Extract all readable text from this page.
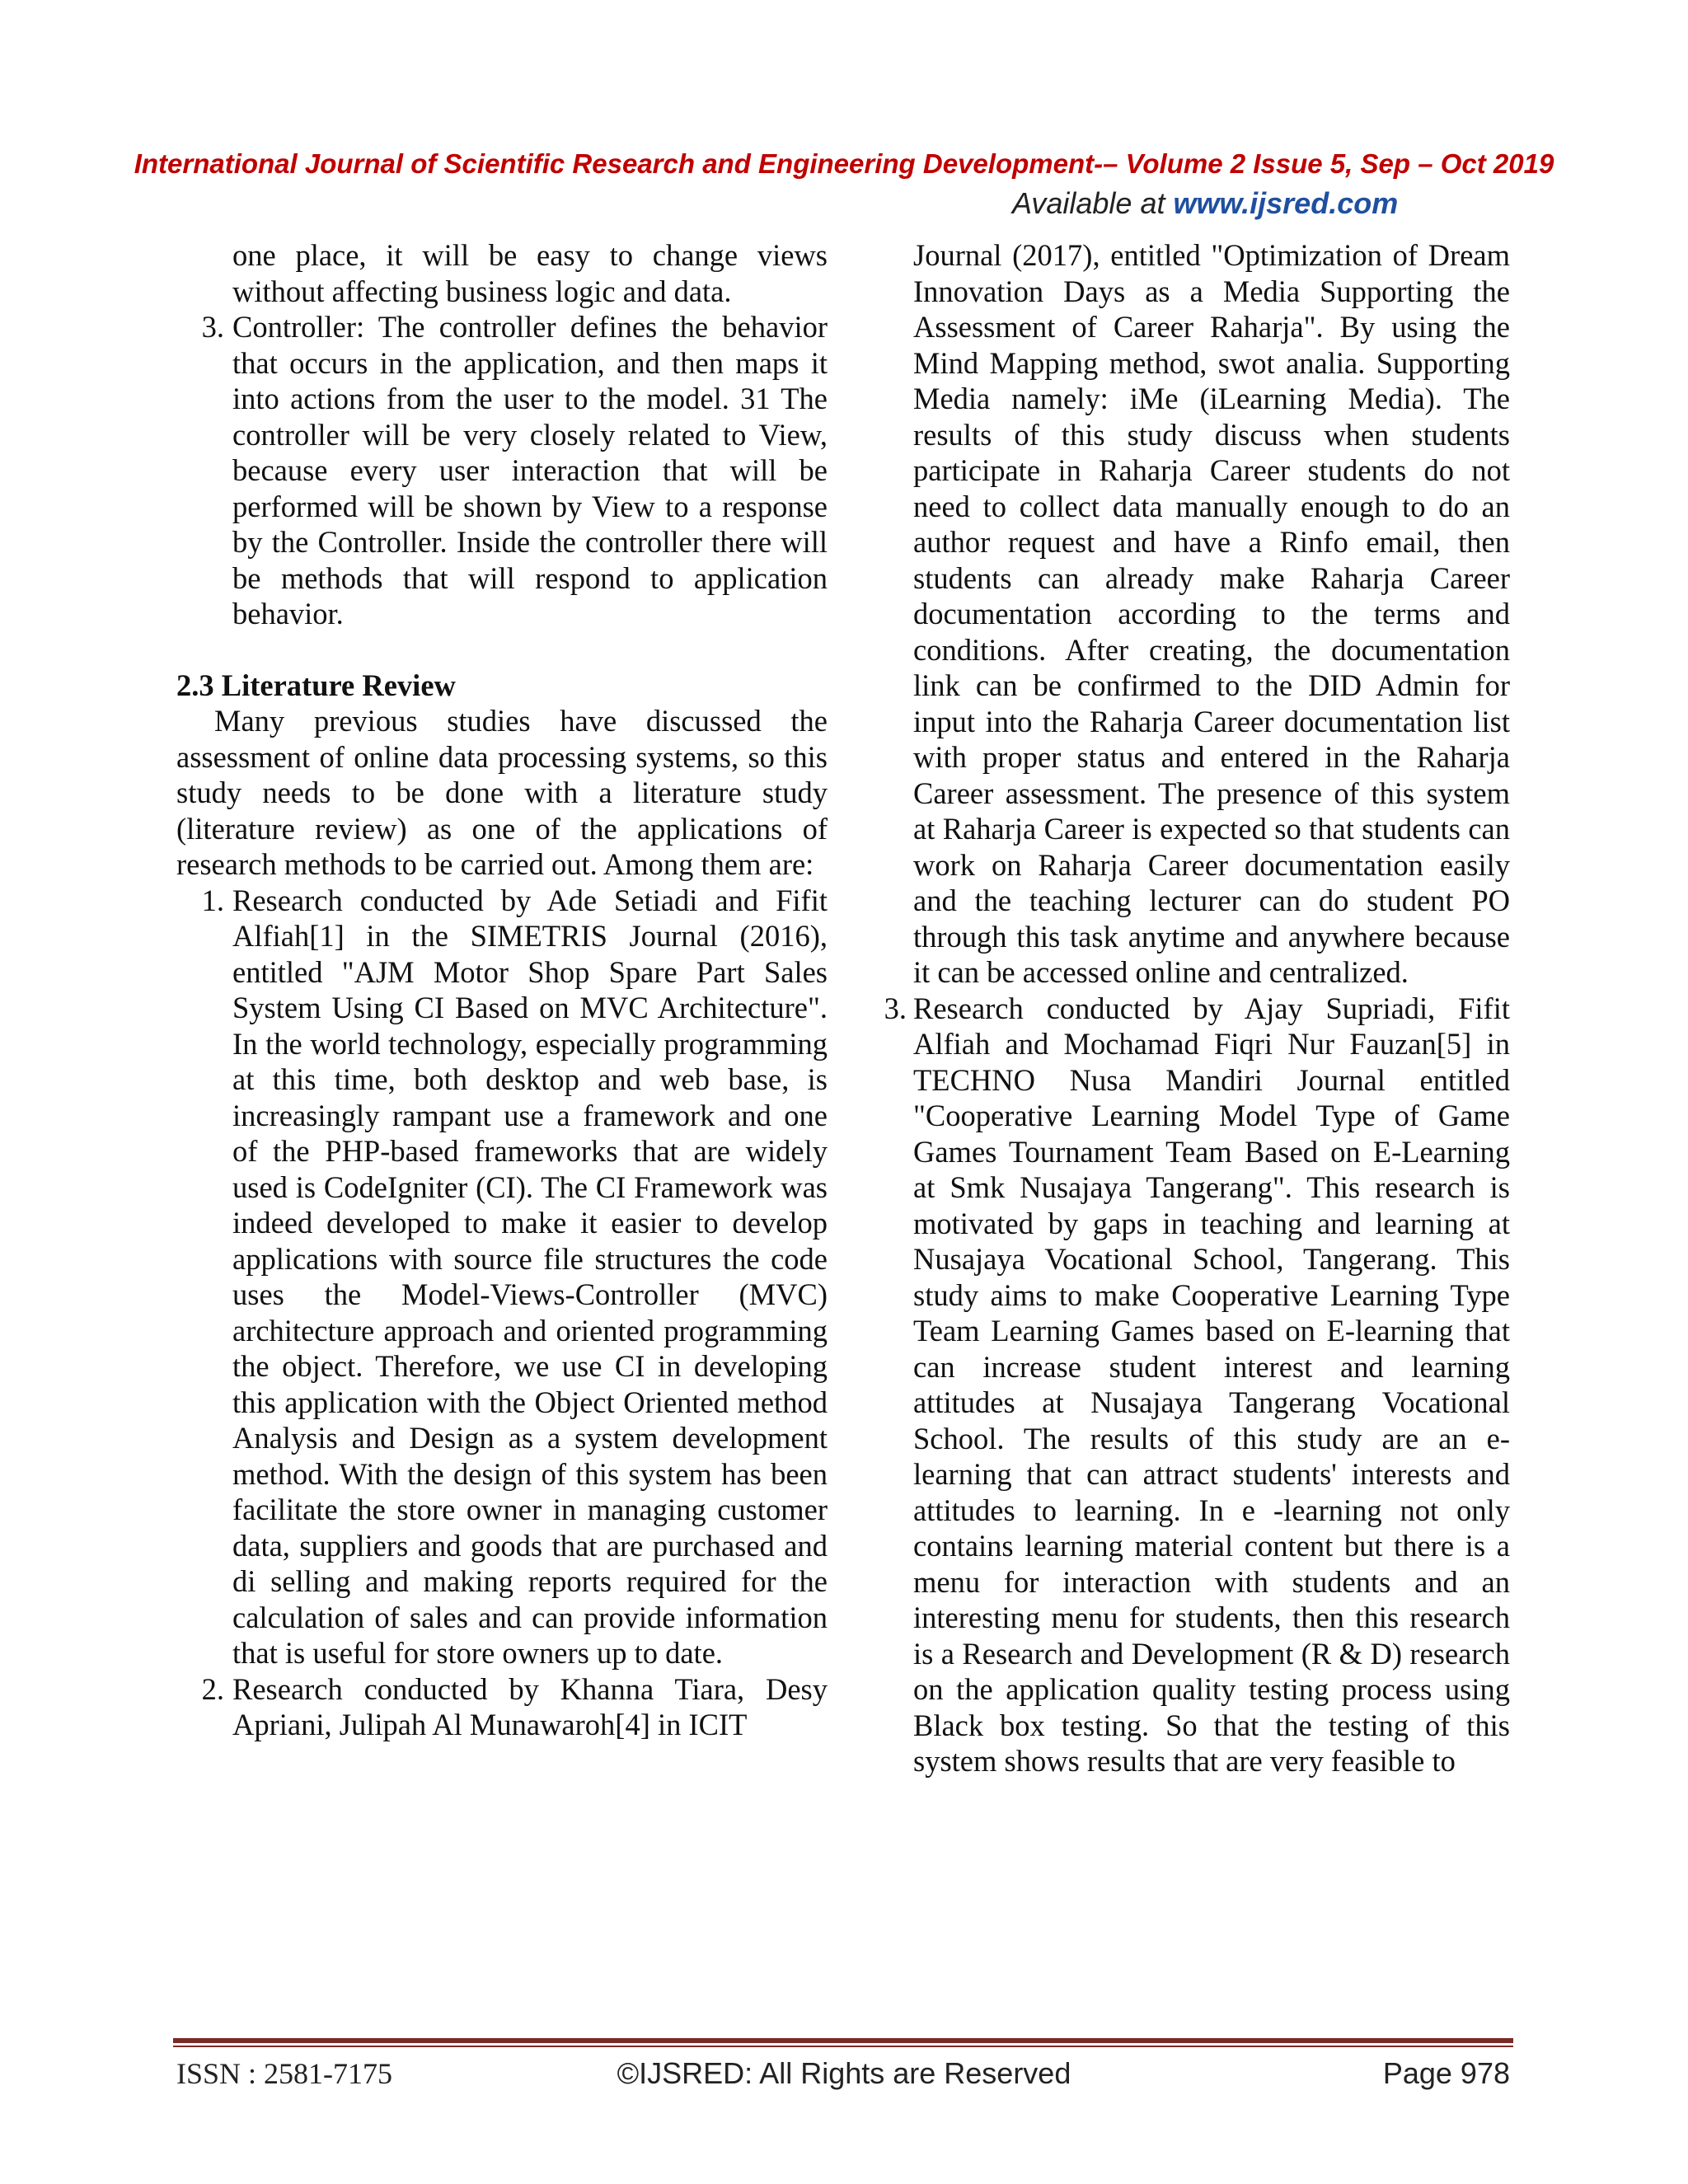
International Journal of Scientific Research and Engineering Development-– Volume 2 Issue 5, Sep – Oct 2019
Available at www.ijsred.com

one place, it will be easy to change views without affecting business logic and data.

3. Controller: The controller defines the behavior that occurs in the application, and then maps it into actions from the user to the model. 31 The controller will be very closely related to View, because every user interaction that will be performed will be shown by View to a response by the Controller. Inside the controller there will be methods that will respond to application behavior.

2.3 Literature Review

Many previous studies have discussed the assessment of online data processing systems, so this study needs to be done with a literature study (literature review) as one of the applications of research methods to be carried out. Among them are:

1. Research conducted by Ade Setiadi and Fifit Alfiah[1] in the SIMETRIS Journal (2016), entitled "AJM Motor Shop Spare Part Sales System Using CI Based on MVC Architecture". In the world technology, especially programming at this time, both desktop and web base, is increasingly rampant use a framework and one of the PHP-based frameworks that are widely used is CodeIgniter (CI). The CI Framework was indeed developed to make it easier to develop applications with source file structures the code uses the Model-Views-Controller (MVC) architecture approach and oriented programming the object. Therefore, we use CI in developing this application with the Object Oriented method Analysis and Design as a system development method. With the design of this system has been facilitate the store owner in managing customer data, suppliers and goods that are purchased and di selling and making reports required for the calculation of sales and can provide information that is useful for store owners up to date.

2. Research conducted by Khanna Tiara, Desy Apriani, Julipah Al Munawaroh[4] in ICIT

Journal (2017), entitled "Optimization of Dream Innovation Days as a Media Supporting the Assessment of Career Raharja". By using the Mind Mapping method, swot analia. Supporting Media namely: iMe (iLearning Media). The results of this study discuss when students participate in Raharja Career students do not need to collect data manually enough to do an author request and have a Rinfo email, then students can already make Raharja Career documentation according to the terms and conditions. After creating, the documentation link can be confirmed to the DID Admin for input into the Raharja Career documentation list with proper status and entered in the Raharja Career assessment. The presence of this system at Raharja Career is expected so that students can work on Raharja Career documentation easily and the teaching lecturer can do student PO through this task anytime and anywhere because it can be accessed online and centralized.

3. Research conducted by Ajay Supriadi, Fifit Alfiah and Mochamad Fiqri Nur Fauzan[5] in TECHNO Nusa Mandiri Journal entitled "Cooperative Learning Model Type of Game Games Tournament Team Based on E-Learning at Smk Nusajaya Tangerang". This research is motivated by gaps in teaching and learning at Nusajaya Vocational School, Tangerang. This study aims to make Cooperative Learning Type Team Learning Games based on E-learning that can increase student interest and learning attitudes at Nusajaya Tangerang Vocational School. The results of this study are an e-learning that can attract students' interests and attitudes to learning. In e -learning not only contains learning material content but there is a menu for interaction with students and an interesting menu for students, then this research is a Research and Development (R & D) research on the application quality testing process using Black box testing. So that the testing of this system shows results that are very feasible to

ISSN : 2581-7175	©IJSRED: All Rights are Reserved	Page 978
